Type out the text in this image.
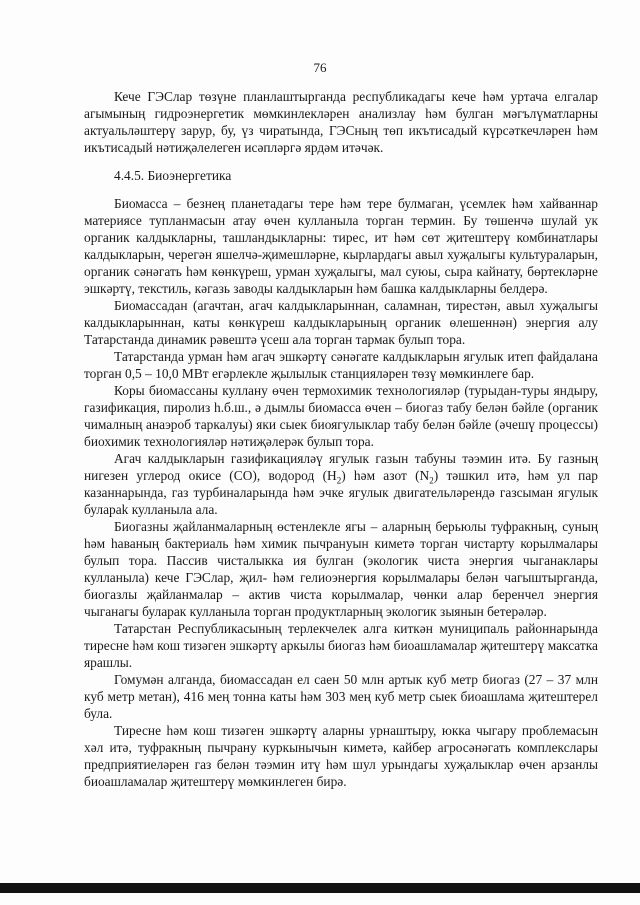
76

Кече ГЭСлар төзүне планлаштырганда республикадагы кече һәм уртача елгалар агымының гидроэнергетик мөмкинлекләрен анализлау һәм булган мәгълүматларны актуальләштерү зарур, бу, үз чиратында, ГЭСның төп икътисадый күрсәткечләрен һәм икътисадый нәтиҗәлелеген исәпләргә ярдәм итәчәк.

4.4.5. Биоэнергетика

Биомасса – безнең планетадагы тере һәм тере булмаган, үсемлек һәм хайваннар материясе тупланмасын атау өчен кулланыла торган термин. Бу төшенчә шулай ук органик калдыкларны, ташландыкларны: тирес, ит һәм сөт җитештерү комбинатлары калдыкларын, черегән яшелчә-җимешләрне, кырлардагы авыл хуҗалыгы культураларын, органик сәнәгать һәм көнкүреш, урман хуҗалыгы, мал суюы, сыра кайнату, бөртекләрне эшкәртү, текстиль, кәгазь заводы калдыкларын һәм башка калдыкларны белдерә.

Биомассадан (агачтан, агач калдыкларыннан, саламнан, тирестән, авыл хуҗалыгы калдыкларыннан, каты көнкүреш калдыкларының органик өлешеннән) энергия алу Татарстанда динамик рәвештә үсеш ала торган тармак булып тора.

Татарстанда урман һәм агач эшкәртү сәнәгате калдыкларын ягулык итеп файдалана торган 0,5 – 10,0 МВт егәрлекле җылылык станцияләрен төзү мөмкинлеге бар.

Коры биомассаны куллану өчен термохимик технологияләр (турыдан-туры яндыру, газификация, пиролиз һ.б.ш., ә дымлы биомасса өчен – биогаз табу белән бәйле (органик чималның анаэроб таркалуы) яки сыек биоягулыклар табу белән бәйле (әчешү процессы) биохимик технологияләр нәтиҗәлерәк булып тора.

Агач калдыкларын газификацияләү ягулык газын табуны тәэмин итә. Бу газның нигезен углерод окисе (CO), водород $(H_2)$ һәм азот $(N_2)$ тәшкил итә, һәм ул пар казаннарында, газ турбиналарында һәм эчке ягулык двигательләрендә газсыман ягулык булараk кулланыла ала.

Биогазны җайланмаларның өстенлекле ягы – аларның берьюлы туфракның, суның һәм һаваның бактериаль һәм химик пычрануын киметә торган чистарту корылмалары булып тора. Пассив чисталыкка ия булган (экологик чиста энергия чыганаклары кулланыла) кече ГЭСлар, җил- һәм гелиоэнергия корылмалары белән чагыштырганда, биогазлы җайланмалар – актив чиста корылмалар, чөнки алар беренчел энергия чыганагы буларак кулланыла торган продуктларның экологик зыянын бетерәләр.

Татарстан Республикасының терлекчелек алга киткән муниципаль районнарында тиресне һәм кош тизәген эшкәртү аркылы биогаз һәм биоашламалар җитештерү максатка ярашлы.

Гомумән алганда, биомассадан ел саен 50 млн артык куб метр биогаз (27 – 37 млн куб метр метан), 416 мең тонна каты һәм 303 мең куб метр сыек биоашлама җитештерел була.

Тиресне һәм кош тизәген эшкәртү аларны урнаштыру, юкка чыгару проблемасын хәл итә, туфракның пычрану куркынычын киметә, кайбер агросәнәгать комплекслары предприятиеләрен газ белән тәэмин итү һәм шул урындагы хуҗалыклар өчен арзанлы биоашламалар җитештерү мөмкинлеген бирә.
